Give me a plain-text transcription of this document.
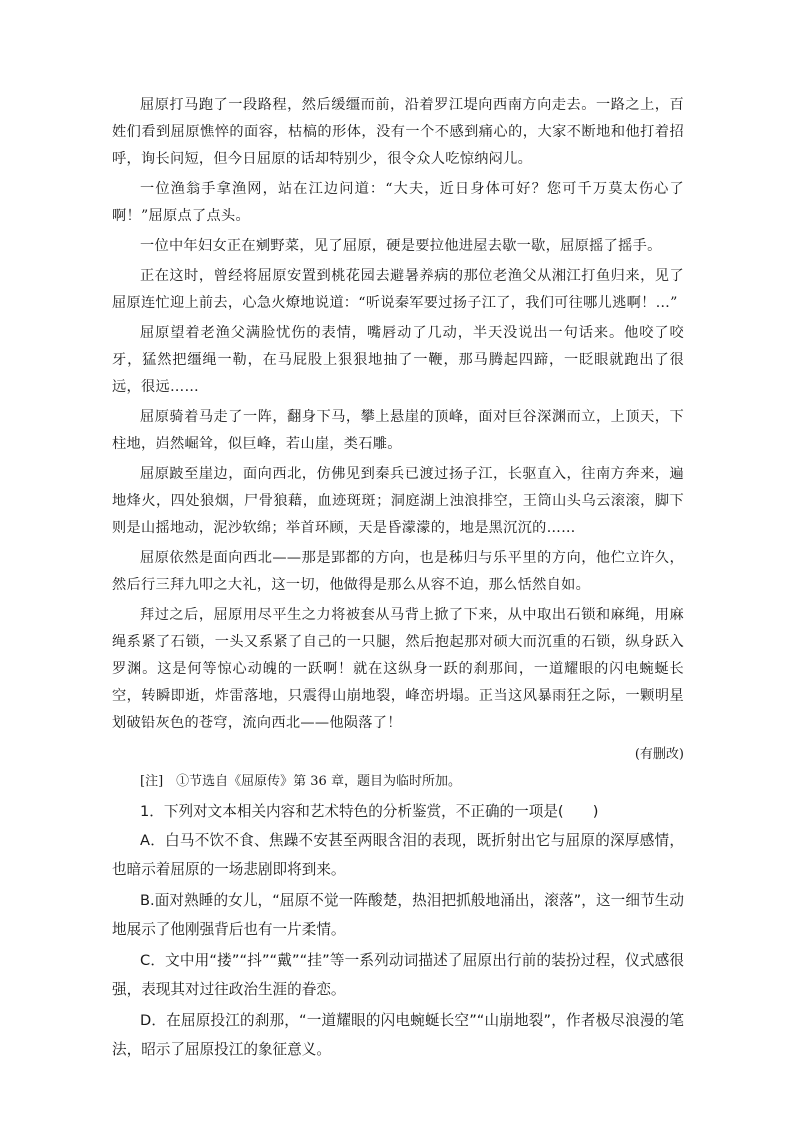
屈原打马跑了一段路程，然后缓缰而前，沿着罗江堤向西南方向走去。一路之上，百姓们看到屈原憔悴的面容，枯槁的形体，没有一个不感到痛心的，大家不断地和他打着招呼，询长问短，但今日屈原的话却特别少，很令众人吃惊纳闷儿。

一位渔翁手拿渔网，站在江边问道：“大夫，近日身体可好？您可千万莫太伤心了啊！”屈原点了点头。

一位中年妇女正在剜野菜，见了屈原，硬是要拉他进屋去歇一歇，屈原摇了摇手。

正在这时，曾经将屈原安置到桃花园去避暑养病的那位老渔父从湘江打鱼归来，见了屈原连忙迎上前去，心急火燎地说道：“听说秦军要过扬子江了，我们可往哪儿逃啊！…”

屈原望着老渔父满脸忧伤的表情，嘴唇动了几动，半天没说出一句话来。他咬了咬牙，猛然把缰绳一勒，在马屁股上狠狠地抽了一鞭，那马腾起四蹄，一眨眼就跑出了很远，很远……

屈原骑着马走了一阵，翻身下马，攀上悬崖的顶峰，面对巨谷深渊而立，上顶天，下柱地，岿然崛耸，似巨峰，若山崖，类石雕。

屈原跛至崖边，面向西北，仿佛见到秦兵已渡过扬子江，长驱直入，往南方奔来，遍地烽火，四处狼烟，尸骨狼藉，血迹斑斑；洞庭湖上浊浪排空，王筒山头乌云滚滚，脚下则是山摇地动，泥沙软绵；举首环顾，天是昏濛濛的，地是黑沉沉的……

屈原依然是面向西北——那是郢都的方向，也是秭归与乐平里的方向，他伫立许久，然后行三拜九叩之大礼，这一切，他做得是那么从容不迫，那么恬然自如。

拜过之后，屈原用尽平生之力将被套从马背上掀了下来，从中取出石锁和麻绳，用麻绳系紧了石锁，一头又系紧了自己的一只腿，然后抱起那对硕大而沉重的石锁，纵身跃入罗渊。这是何等惊心动魄的一跃啊！就在这纵身一跃的刹那间，一道耀眼的闪电蜿蜒长空，转瞬即逝，炸雷落地，只震得山崩地裂，峰峦坍塌。正当这风暴雨狂之际，一颗明星划破铅灰色的苍穹，流向西北——他陨落了！

(有删改)

[注]　①节选自《屈原传》第 36 章，题目为临时所加。

1．下列对文本相关内容和艺术特色的分析鉴赏，不正确的一项是(　　)

A．白马不饮不食、焦躁不安甚至两眼含泪的表现，既折射出它与屈原的深厚感情，也暗示着屈原的一场悲剧即将到来。

B.面对熟睡的女儿，“屈原不觉一阵酸楚，热泪把抓般地涌出，滚落”，这一细节生动地展示了他刚强背后也有一片柔情。

C．文中用“搂”“抖”“戴”“挂”等一系列动词描述了屈原出行前的装扮过程，仪式感很强，表现其对过往政治生涯的眷恋。

D．在屈原投江的刹那，“一道耀眼的闪电蜿蜒长空”“山崩地裂”，作者极尽浪漫的笔法，昭示了屈原投江的象征意义。
